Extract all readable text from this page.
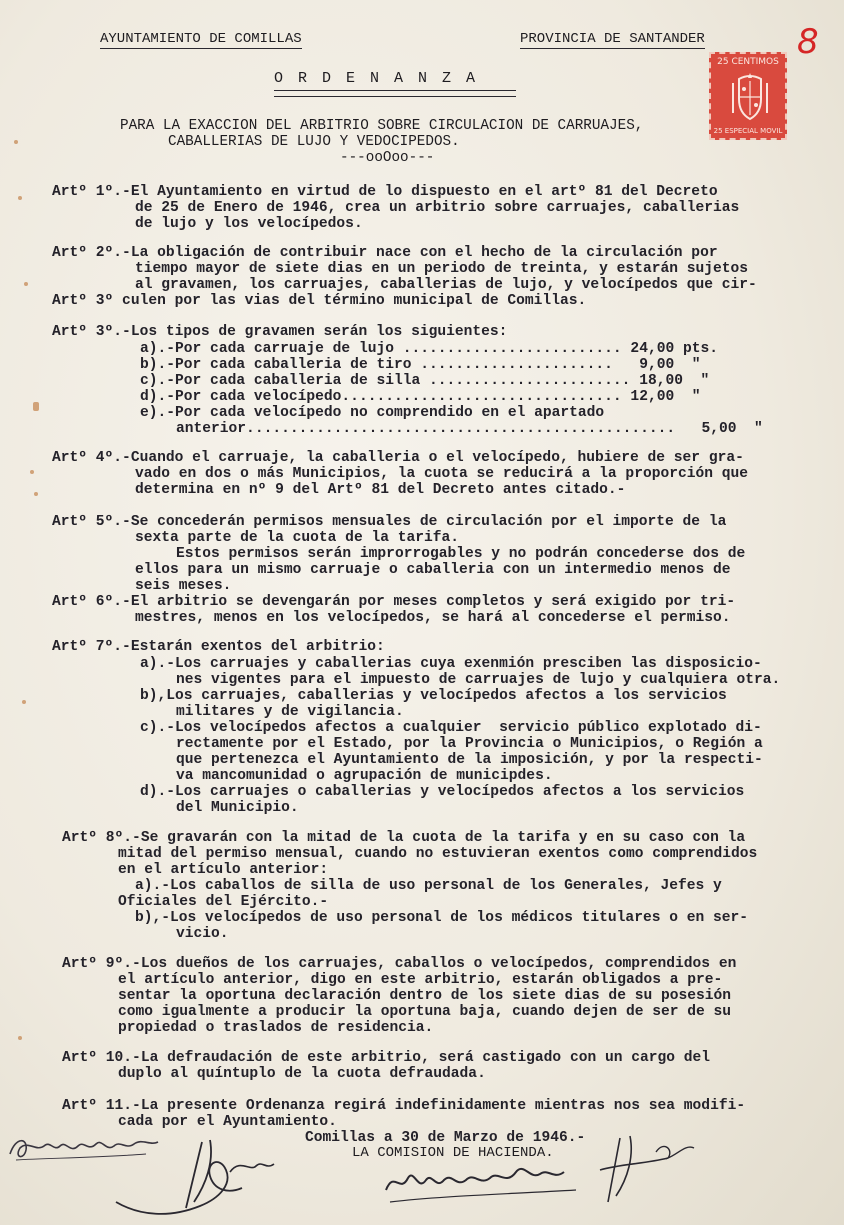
AYUNTAMIENTO DE COMILLAS	PROVINCIA DE SANTANDER	8
25 CENTIMOS
25 ESPECIAL MOVIL
O R D E N A N Z A
PARA LA EXACCION DEL ARBITRIO SOBRE CIRCULACION DE CARRUAJES,
CABALLERIAS DE LUJO Y VEDOCIPEDOS.
---ooOoo---
Artº 1º.-El Ayuntamiento en virtud de lo dispuesto en el artº 81 del Decreto
de 25 de Enero de 1946, crea un arbitrio sobre carruajes, caballerias
de lujo y los velocípedos.
Artº 2º.-La obligación de contribuir nace con el hecho de la circulación por
tiempo mayor de siete dias en un periodo de treinta, y estarán sujetos
al gravamen, los carruajes, caballerias de lujo, y velocípedos que cir-
Artº 3º culen por las vias del término municipal de Comillas.
Artº 3º.-Los tipos de gravamen serán los siguientes:
a).-Por cada carruaje de lujo ......................... 24,00 pts.
b).-Por cada caballeria de tiro ......................   9,00  "
c).-Por cada caballeria de silla ....................... 18,00  "
d).-Por cada velocípedo................................ 12,00  "
e).-Por cada velocípedo no comprendido en el apartado
anterior.................................................   5,00  "
Artº 4º.-Cuando el carruaje, la caballeria o el velocípedo, hubiere de ser gra-
vado en dos o más Municipios, la cuota se reducirá a la proporción que
determina en nº 9 del Artº 81 del Decreto antes citado.-
Artº 5º.-Se concederán permisos mensuales de circulación por el importe de la
sexta parte de la cuota de la tarifa.
Estos permisos serán improrrogables y no podrán concederse dos de
ellos para un mismo carruaje o caballeria con un intermedio menos de
seis meses.
Artº 6º.-El arbitrio se devengarán por meses completos y será exigido por tri-
mestres, menos en los velocípedos, se hará al concederse el permiso.
Artº 7º.-Estarán exentos del arbitrio:
a).-Los carruajes y caballerias cuya exenmión presciben las disposicio-
nes vigentes para el impuesto de carruajes de lujo y cualquiera otra.
b),Los carruajes, caballerias y velocípedos afectos a los servicios
militares y de vigilancia.
c).-Los velocípedos afectos a cualquier  servicio público explotado di-
rectamente por el Estado, por la Provincia o Municipios, o Región a
que pertenezca el Ayuntamiento de la imposición, y por la respecti-
va mancomunidad o agrupación de municipdes.
d).-Los carruajes o caballerias y velocípedos afectos a los servicios
del Municipio.
Artº 8º.-Se gravarán con la mitad de la cuota de la tarifa y en su caso con la
mitad del permiso mensual, cuando no estuvieran exentos como comprendidos
en el artículo anterior:
a).-Los caballos de silla de uso personal de los Generales, Jefes y
Oficiales del Ejército.-
b),-Los velocípedos de uso personal de los médicos titulares o en ser-
vicio.
Artº 9º.-Los dueños de los carruajes, caballos o velocípedos, comprendidos en
el artículo anterior, digo en este arbitrio, estarán obligados a pre-
sentar la oportuna declaración dentro de los siete dias de su posesión
como igualmente a producir la oportuna baja, cuando dejen de ser de su
propiedad o traslados de residencia.
Artº 10.-La defraudación de este arbitrio, será castigado con un cargo del
duplo al quíntuplo de la cuota defraudada.
Artº 11.-La presente Ordenanza regirá indefinidamente mientras nos sea modifi-
cada por el Ayuntamiento.
Comillas a 30 de Marzo de 1946.-
LA COMISION DE HACIENDA.
